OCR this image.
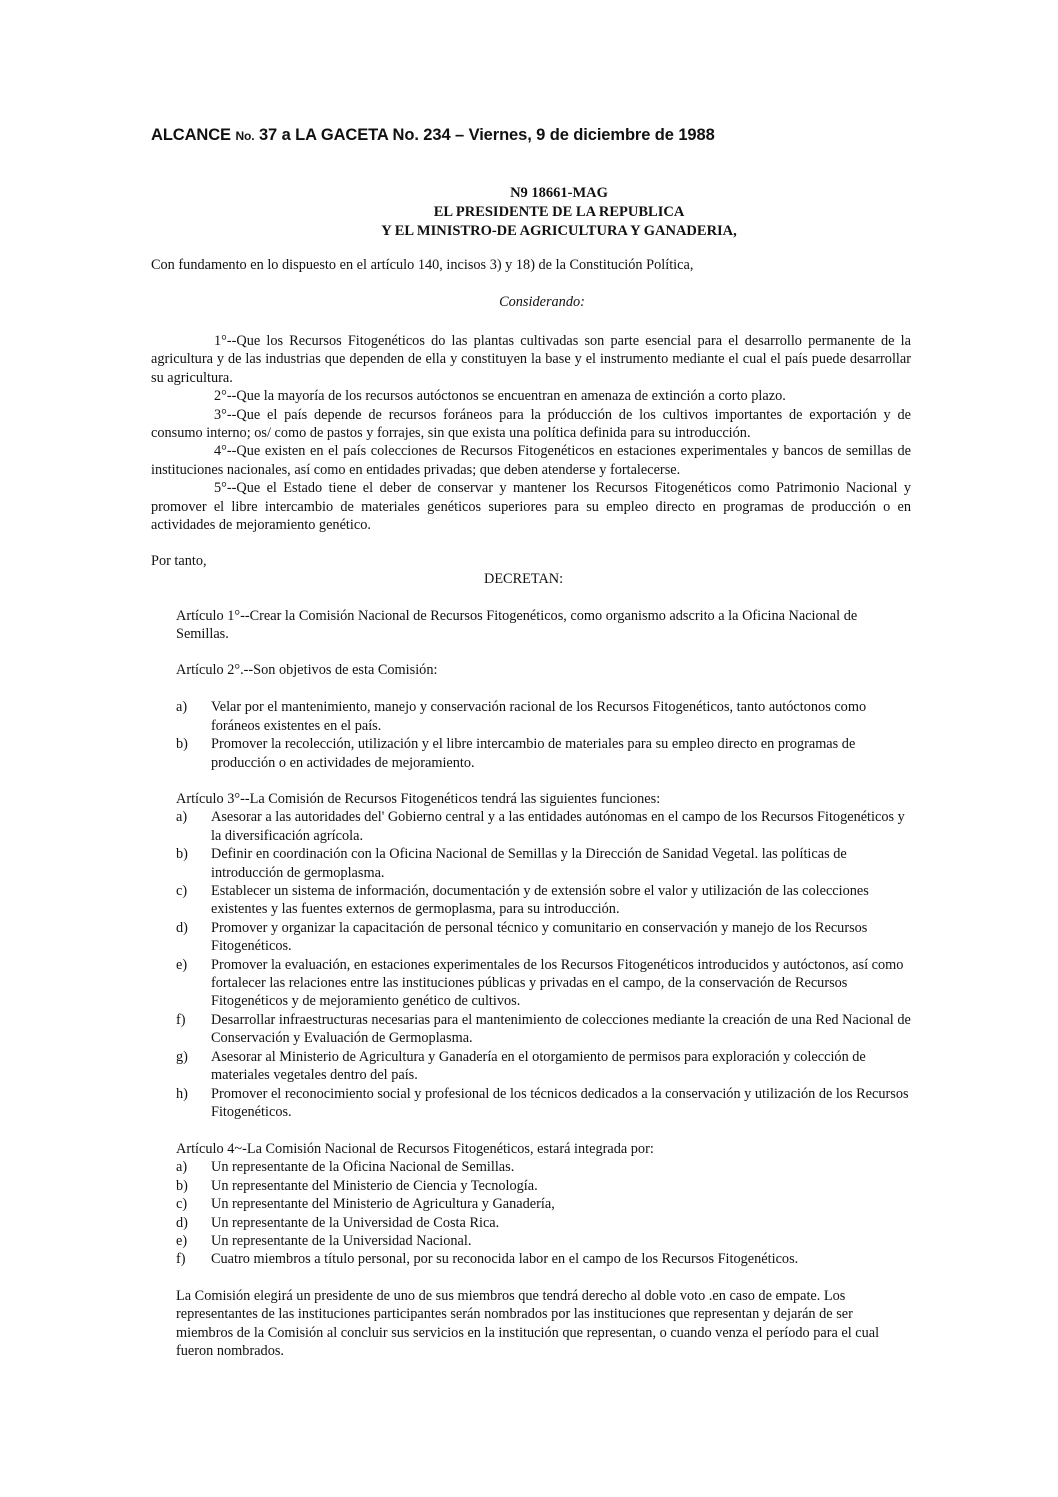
ALCANCE No. 37 a LA GACETA No. 234 – Viernes, 9 de diciembre de 1988
N9 18661-MAG
EL PRESIDENTE DE LA REPUBLICA
Y EL MINISTRO-DE AGRICULTURA Y GANADERIA,
Con fundamento en lo dispuesto en el artículo 140, incisos 3) y 18) de la Constitución Política,
Considerando:

1°--Que los Recursos Fitogenéticos do las plantas cultivadas son parte esencial para el desarrollo permanente de la agricultura y de las industrias que dependen de ella y constituyen la base y el instrumento mediante el cual el país puede desarrollar su agricultura.

2°--Que la mayoría de los recursos autóctonos se encuentran en amenaza de extinción a corto plazo.

3°--Que el país depende de recursos foráneos para la próducción de los cultivos importantes de exportación y de consumo interno; os/ como de pastos y forrajes, sin que exista una política definida para su introducción.

4°--Que existen en el país colecciones de Recursos Fitogenéticos en estaciones experimentales y bancos de semillas de instituciones nacionales, así como en entidades privadas; que deben atenderse y fortalecerse.

5°--Que el Estado tiene el deber de conservar y mantener los Recursos Fitogenéticos como Patrimonio Nacional y promover el libre intercambio de materiales genéticos superiores para su empleo directo en programas de producción o en actividades de mejoramiento genético.

Por tanto,
DECRETAN:

Artículo 1°--Crear la Comisión Nacional de Recursos Fitogenéticos, como organismo adscrito a la Oficina Nacional de Semillas.

Artículo 2°.--Son objetivos de esta Comisión:

a) Velar por el mantenimiento, manejo y conservación racional de los Recursos Fitogenéticos, tanto autóctonos como foráneos existentes en el país.
b) Promover la recolección, utilización y el libre intercambio de materiales para su empleo directo en programas de producción o en actividades de mejoramiento.

Artículo 3°--La Comisión de Recursos Fitogenéticos tendrá las siguientes funciones:

a) Asesorar a las autoridades del' Gobierno central y a las entidades autónomas en el campo de los Recursos Fitogenéticos y la diversificación agrícola.
b) Definir en coordinación con la Oficina Nacional de Semillas y la Dirección de Sanidad Vegetal. las políticas de introducción de germoplasma.
c) Establecer un sistema de información, documentación y de extensión sobre el valor y utilización de las colecciones existentes y las fuentes externos de germoplasma, para su introducción.
d) Promover y organizar la capacitación de personal técnico y comunitario en conservación y manejo de los Recursos Fitogenéticos.
e) Promover la evaluación, en estaciones experimentales de los Recursos Fitogenéticos introducidos y autóctonos, así como fortalecer las relaciones entre las instituciones públicas y privadas en el campo, de la conservación de Recursos Fitogenéticos y de mejoramiento genético de cultivos.
f) Desarrollar infraestructuras necesarias para el mantenimiento de colecciones mediante la creación de una Red Nacional de Conservación y Evaluación de Germoplasma.
g) Asesorar al Ministerio de Agricultura y Ganadería en el otorgamiento de permisos para exploración y colección de materiales vegetales dentro del país.
h) Promover el reconocimiento social y profesional de los técnicos dedicados a la conservación y utilización de los Recursos Fitogenéticos.

Artículo 4~-La Comisión Nacional de Recursos Fitogenéticos, estará integrada por:

a) Un representante de la Oficina Nacional de Semillas.
b) Un representante del Ministerio de Ciencia y Tecnología.
c) Un representante del Ministerio de Agricultura y Ganadería,
d) Un representante de la Universidad de Costa Rica.
e) Un representante de la Universidad Nacional.
f) Cuatro miembros a título personal, por su reconocida labor en el campo de los Recursos Fitogenéticos.

La Comisión elegirá un presidente de uno de sus miembros que tendrá derecho al doble voto .en caso de empate. Los representantes de las instituciones participantes serán nombrados por las instituciones que representan y dejarán de ser miembros de la Comisión al concluir sus servicios en la institución que representan, o cuando venza el período para el cual fueron nombrados.
